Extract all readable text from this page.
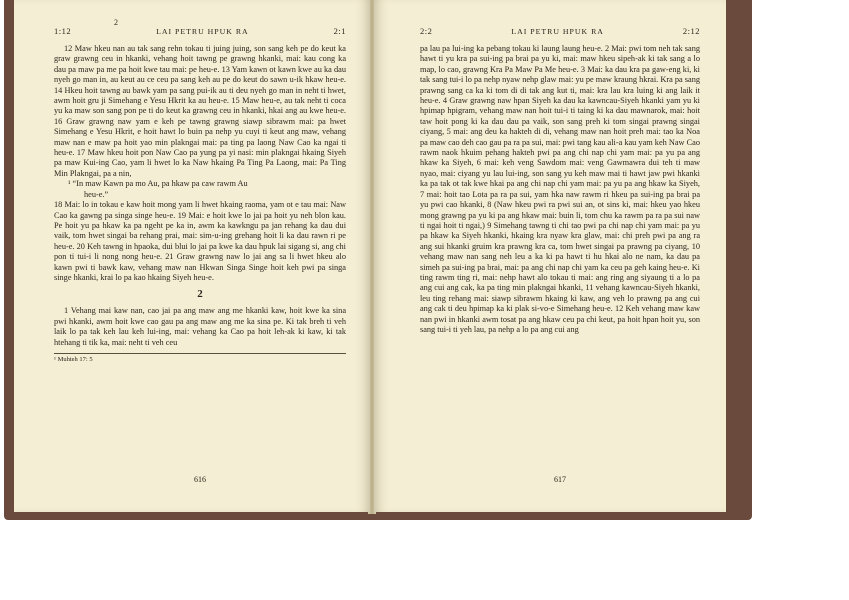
2
1:12	LAI PETRU HPUK RA	2:1

12 Maw hkeu nan au tak sang rehn tokau ti juing juing, son sang keh pe do keut ka graw grawng ceu in hkanki, vehang hoit tawng pe grawng hkanki, mai: kau cong ka dau pa maw pa me pa hoit kwe tau mai: pe heu-e. 13 Yam kawn ot kawn kwe au ka dau nyeh go man in, au keut au ce ceu pa sang keh au pe do keut do sawn u-ik hkaw heu-e. 14 Hkeu hoit tawng au bawk yam pa sang pui-ik au ti deu nyeh go man in neht ti hwet, awm hoit gru ji Simehang e Yesu Hkrit ka au heu-e. 15 Maw heu-e, au tak neht ti coca yu ka maw son sang pon pe ti do keut ka grawng ceu in hkanki, hkai ang au kwe heu-e. 16 Graw grawng naw yam e keh pe tawng grawng siawp sibrawm mai: pa hwet Simehang e Yesu Hkrit, e hoit hawt lo buin pa nehp yu cuyi ti keut ang maw, vehang maw nan e maw pa hoit yao min plakngai mai: pa ting pa laong Naw Cao ka ngai ti heu-e. 17 Maw hkeu hoit pon Naw Cao pa yung pa yi nasi: min plakngai hkaing Siyeh pa maw Kui-ing Cao, yam li hwet lo ka Naw hkaing Pa Ting Pa Laong, mai: Pa Ting Min Plakngai, pa a nin,

¹ “In maw Kawn pa mo Au, pa hkaw pa caw rawm Au

heu-e.”

18 Mai: lo in tokau e kaw hoit mong yam li hwet hkaing raoma, yam ot e tau mai: Naw Cao ka gawng pa singa singe heu-e. 19 Mai: e hoit kwe lo jai pa hoit yu neh blon kau. Pe hoit yu pa hkaw ka pa ngeht pe ka in, awm ka kawkngu pa jan rehang ka dau dui vaik, tom hwet singai ba rehang prai, mai: sim-u-ing grehang hoit li ka dau rawn ri pe heu-e. 20 Keh tawng in hpaoka, dui blui lo jai pa kwe ka dau hpuk lai sigang si, ang chi pon ti tui-i li nong nong heu-e. 21 Graw grawng naw lo jai ang sa li hwet hkeu alo kawn pwi ti bawk kaw, vehang maw nan Hkwan Singa Singe hoit keh pwi pa singa singe hkanki, krai lo pa kao hkaing Siyeh heu-e.

2

1 Vehang mai kaw nan, cao jai pa ang maw ang me hkanki kaw, hoit kwe ka sina pwi hkanki, awm hoit kwe cao gau pa ang maw ang me ka sina pe. Ki tak breh ti veh laik lo pa tak keh lau keh lui-ing, mai: vehang ka Cao pa hoit leh-ak ki kaw, ki tak htehang ti tik ka, mai: neht ti veh ceu

¹ Muhteh 17: 5
616
2:2	LAI PETRU HPUK RA	2:12

pa lau pa lui-ing ka pebang tokau ki laung laung heu-e. 2 Mai: pwi tom neh tak sang hawt ti yu kra pa sui-ing pa brai pa yu ki, mai: maw hkeu sipeh-ak ki tak sang a lo map, lo cao, grawng Kra Pa Maw Pa Me heu-e. 3 Mai: ka dau kra pa gaw-eng ki, ki tak sang tui-i lo pa nehp nyaw nehp glaw mai: yu pe maw kraung hkrai. Kra pa sang prawng sang ca ka ki tom di di tak ang kut ti, mai: kra lau kra luing ki ang laik it heu-e. 4 Graw grawng naw hpan Siyeh ka dau ka kawncau-Siyeh hkanki yam yu ki hpimap hpigram, vehang maw nan hoit tui-i ti taing ki ka dau mawnarok, mai: hoit taw hoit pong ki ka dau dau pa vaik, son sang preh ki tom singai prawng singai ciyang, 5 mai: ang deu ka hakteh di di, vehang maw nan hoit preh mai: tao ka Noa pa maw cao deh cao gau pa ra pa sui, mai: pwi tang kau ali-a kau yam keh Naw Cao rawm naok hkuim pehang hakteh pwi pa ang chi nap chi yam mai: pa yu pa ang hkaw ka Siyeh, 6 mai: keh veng Sawdom mai: veng Gawmawra dui teh ti maw nyao, mai: ciyang yu lau lui-ing, son sang yu keh maw mai ti hawt jaw pwi hkanki ka pa tak ot tak kwe hkai pa ang chi nap chi yam mai: pa yu pa ang hkaw ka Siyeh, 7 mai: hoit tao Lota pa ra pa sui, yam hka naw rawm ri hkeu pa sui-ing pa brai pa yu pwi cao hkanki, 8 (Naw hkeu pwi ra pwi sui an, ot sins ki, mai: hkeu yao hkeu mong grawng pa yu ki pa ang hkaw mai: buin li, tom chu ka rawm pa ra pa sui naw ti ngai hoit ti ngai,) 9 Simehang tawng ti chi tao pwi pa chi nap chi yam mai: pa yu pa hkaw ka Siyeh hkanki, hkaing kra nyaw kra glaw, mai: chi preh pwi pa ang ra ang sui hkanki gruim kra prawng kra ca, tom hwet singai pa prawng pa ciyang, 10 vehang maw nan sang neh leu a ka ki pa hawt ti hu hkai alo ne nam, ka dau pa simeh pa sui-ing pa brai, mai: pa ang chi nap chi yam ka ceu pa geh kaing heu-e. Ki ting rawm ting ri, mai: nehp hawt alo tokau ti mai: ang ring ang siyaung ti a lo pa ang cui ang cak, ka pa ting min plakngai hkanki, 11 vehang kawncau-Siyeh hkanki, leu ting rehang mai: siawp sibrawm hkaing ki kaw, ang veh lo prawng pa ang cui ang cak ti deu hpimap ka ki plak si-vo-e Simehang heu-e. 12 Keh vehang maw kaw nan pwi in hkanki awm tosat pa ang hkaw ceu pa chi keut, pa hoit hpan hoit yu, son sang tui-i ti yeh lau, pa nehp a lo pa ang cui ang

617
